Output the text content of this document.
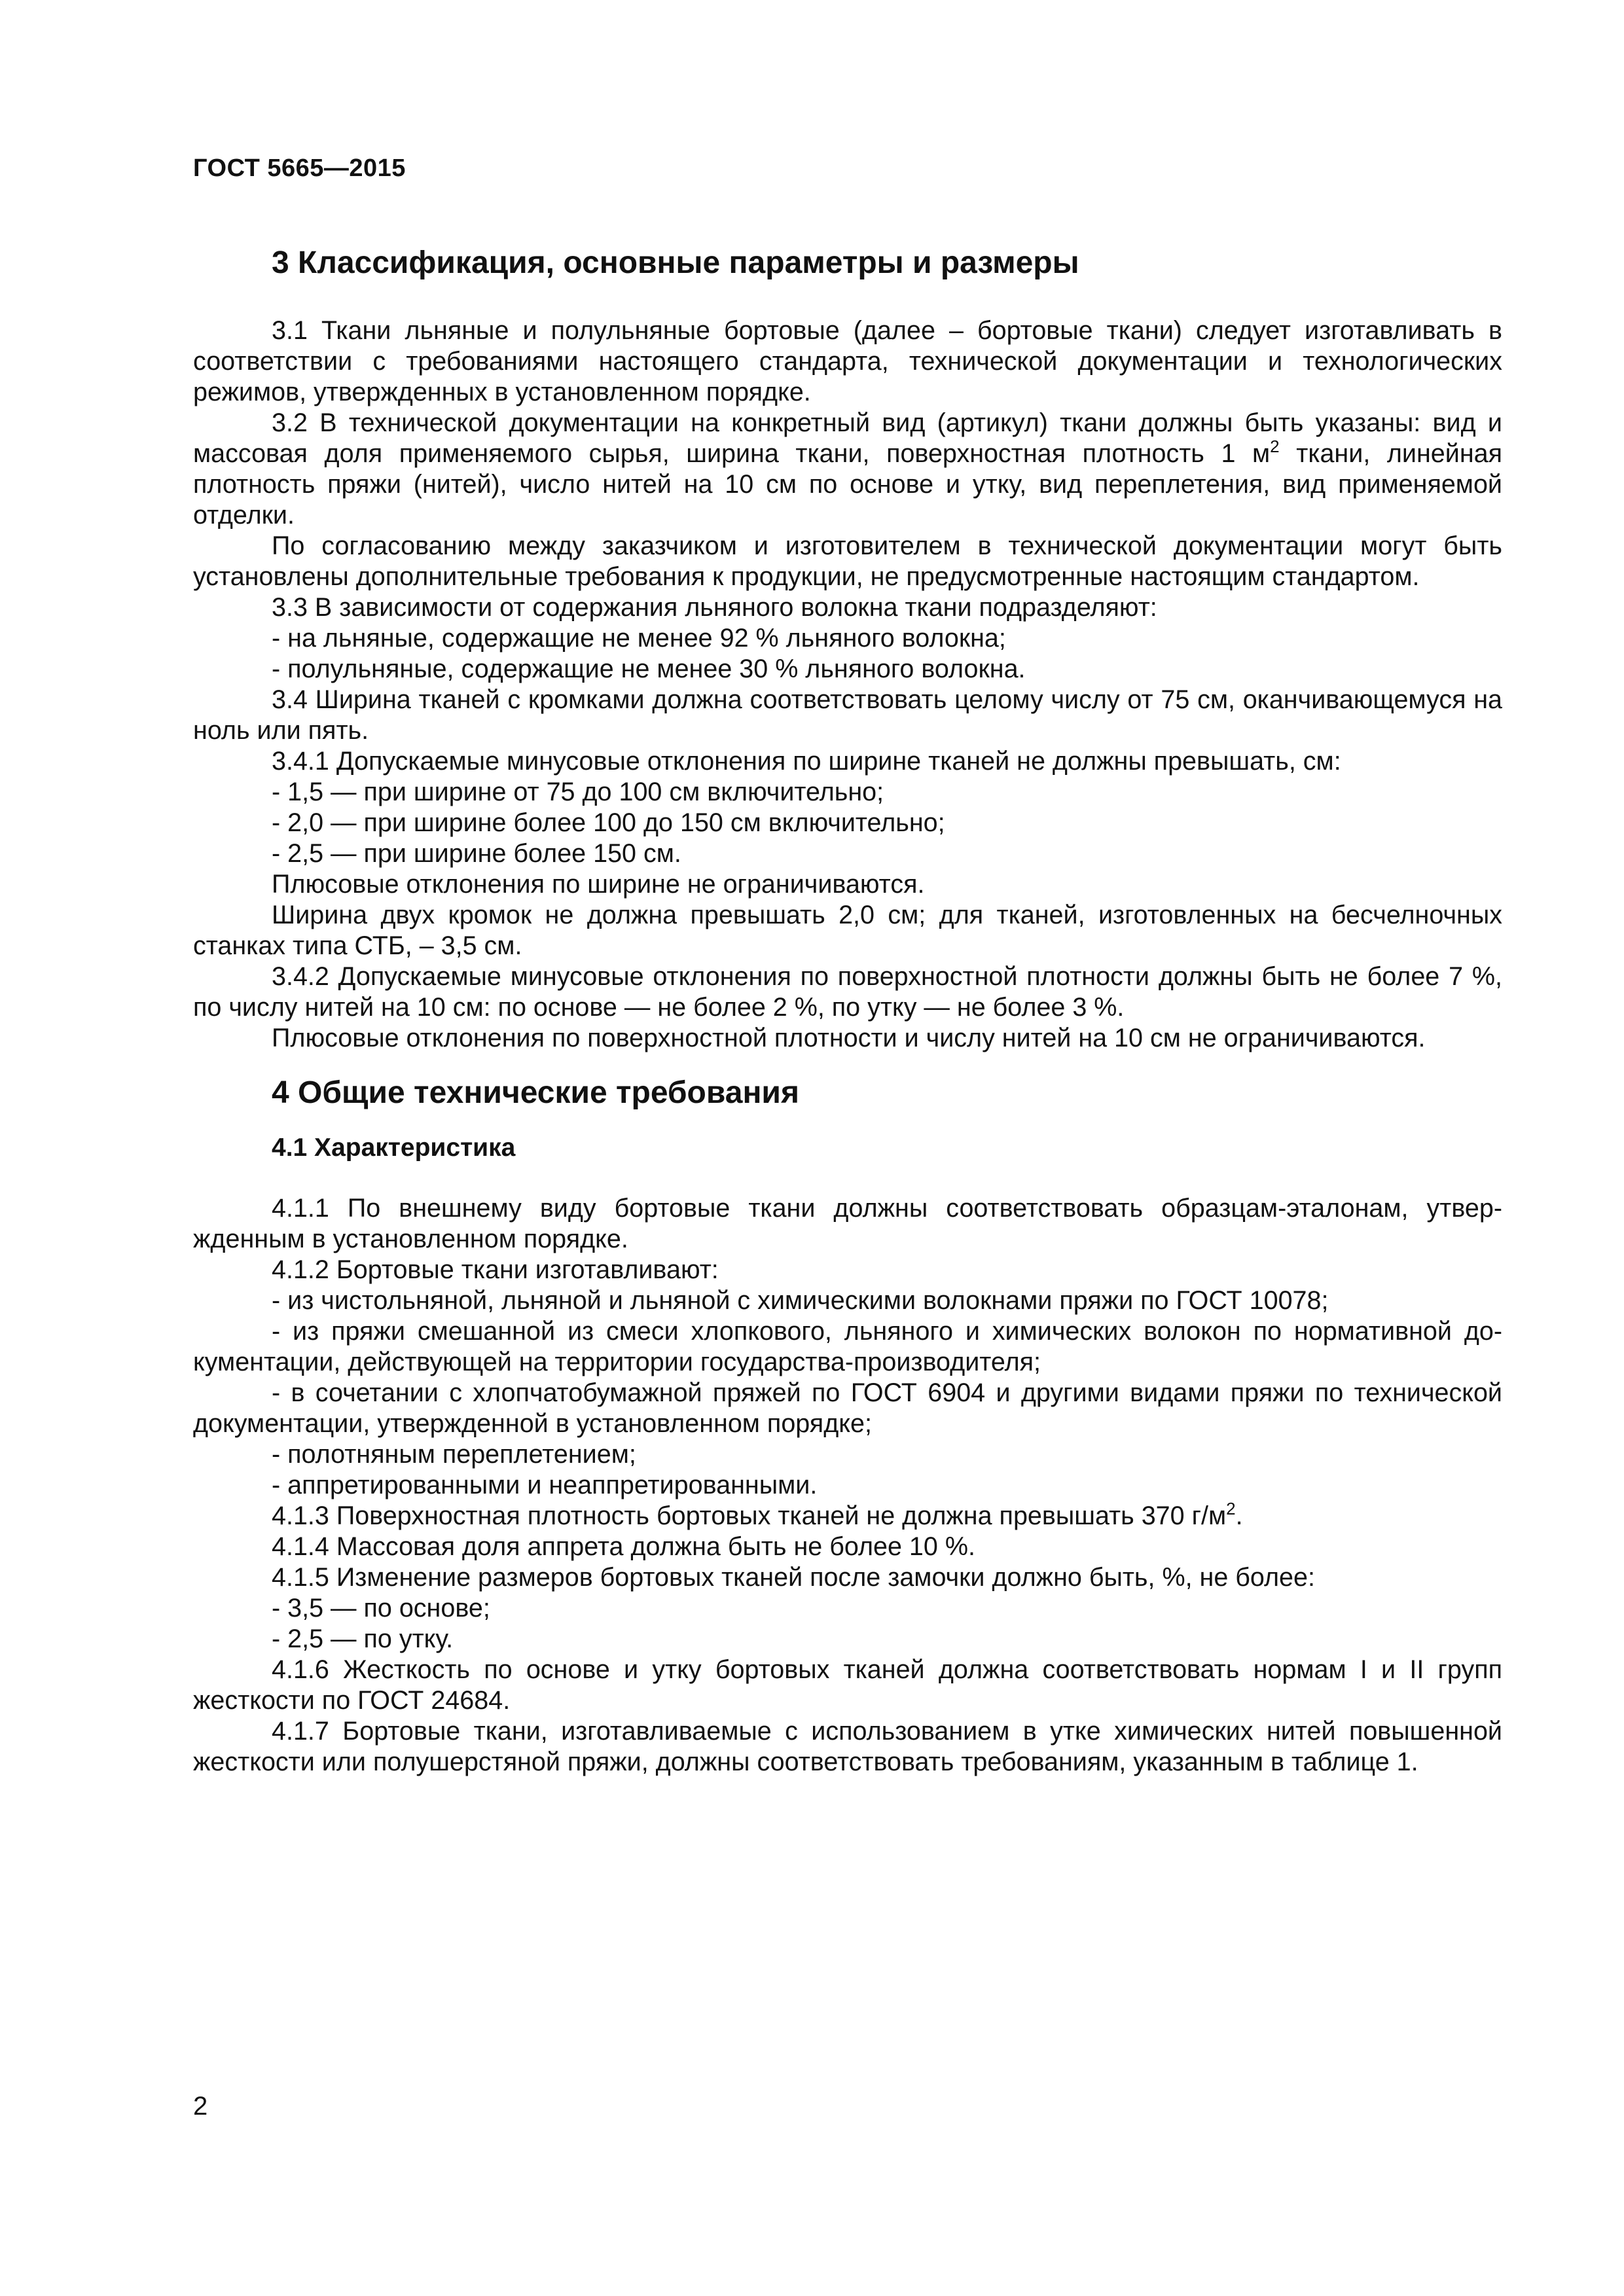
ГОСТ 5665—2015
3 Классификация, основные параметры и размеры

3.1 Ткани льняные и полульняные бортовые (далее – бортовые ткани) следует изготавливать в соответствии с требованиями настоящего стандарта, технической документации и технологических режимов, утвержденных в установленном порядке.

3.2 В технической документации на конкретный вид (артикул) ткани должны быть указаны: вид и массовая доля применяемого сырья, ширина ткани, поверхностная плотность 1 $м^2$ ткани, линейная плотность пряжи (нитей), число нитей на 10 см по основе и утку, вид переплетения, вид применяемой отделки.

По согласованию между заказчиком и изготовителем в технической документации могут быть установлены дополнительные требования к продукции, не предусмотренные настоящим стандартом.

3.3 В зависимости от содержания льняного волокна ткани подразделяют:

- на льняные, содержащие не менее 92 % льняного волокна;
- полульняные, содержащие не менее 30 % льняного волокна.

3.4 Ширина тканей с кромками должна соответствовать целому числу от 75 см, оканчивающемуся на ноль или пять.

3.4.1 Допускаемые минусовые отклонения по ширине тканей не должны превышать, см:

- 1,5 — при ширине от 75 до 100 см включительно;
- 2,0 — при ширине более 100 до 150 см включительно;
- 2,5 — при ширине более 150 см.

Плюсовые отклонения по ширине не ограничиваются.

Ширина двух кромок не должна превышать 2,0 см; для тканей, изготовленных на бесчелночных станках типа СТБ, – 3,5 см.

3.4.2 Допускаемые минусовые отклонения по поверхностной плотности должны быть не более 7 %, по числу нитей на 10 см: по основе — не более 2 %, по утку — не более 3 %.

Плюсовые отклонения по поверхностной плотности и числу нитей на 10 см не ограничиваются.

4 Общие технические требования
4.1 Характеристика

4.1.1 По внешнему виду бортовые ткани должны соответствовать образцам-эталонам, утвержденным в установленном порядке.

4.1.2 Бортовые ткани изготавливают:

- из чистольняной, льняной и льняной с химическими волокнами пряжи по ГОСТ 10078;

- из пряжи смешанной из смеси хлопкового, льняного и химических волокон по нормативной документации, действующей на территории государства-производителя;

- в сочетании с хлопчатобумажной пряжей по ГОСТ 6904 и другими видами пряжи по технической документации, утвержденной в установленном порядке;

- полотняным переплетением;

- аппретированными и неаппретированными.

4.1.3 Поверхностная плотность бортовых тканей не должна превышать 370 $г/м^2$.

4.1.4 Массовая доля аппрета должна быть не более 10 %.

4.1.5 Изменение размеров бортовых тканей после замочки должно быть, %, не более:

- 3,5 — по основе;
- 2,5 — по утку.

4.1.6 Жесткость по основе и утку бортовых тканей должна соответствовать нормам I и II групп жесткости по ГОСТ 24684.

4.1.7 Бортовые ткани, изготавливаемые с использованием в утке химических нитей повышенной жесткости или полушерстяной пряжи, должны соответствовать требованиям, указанным в таблице 1.

2
